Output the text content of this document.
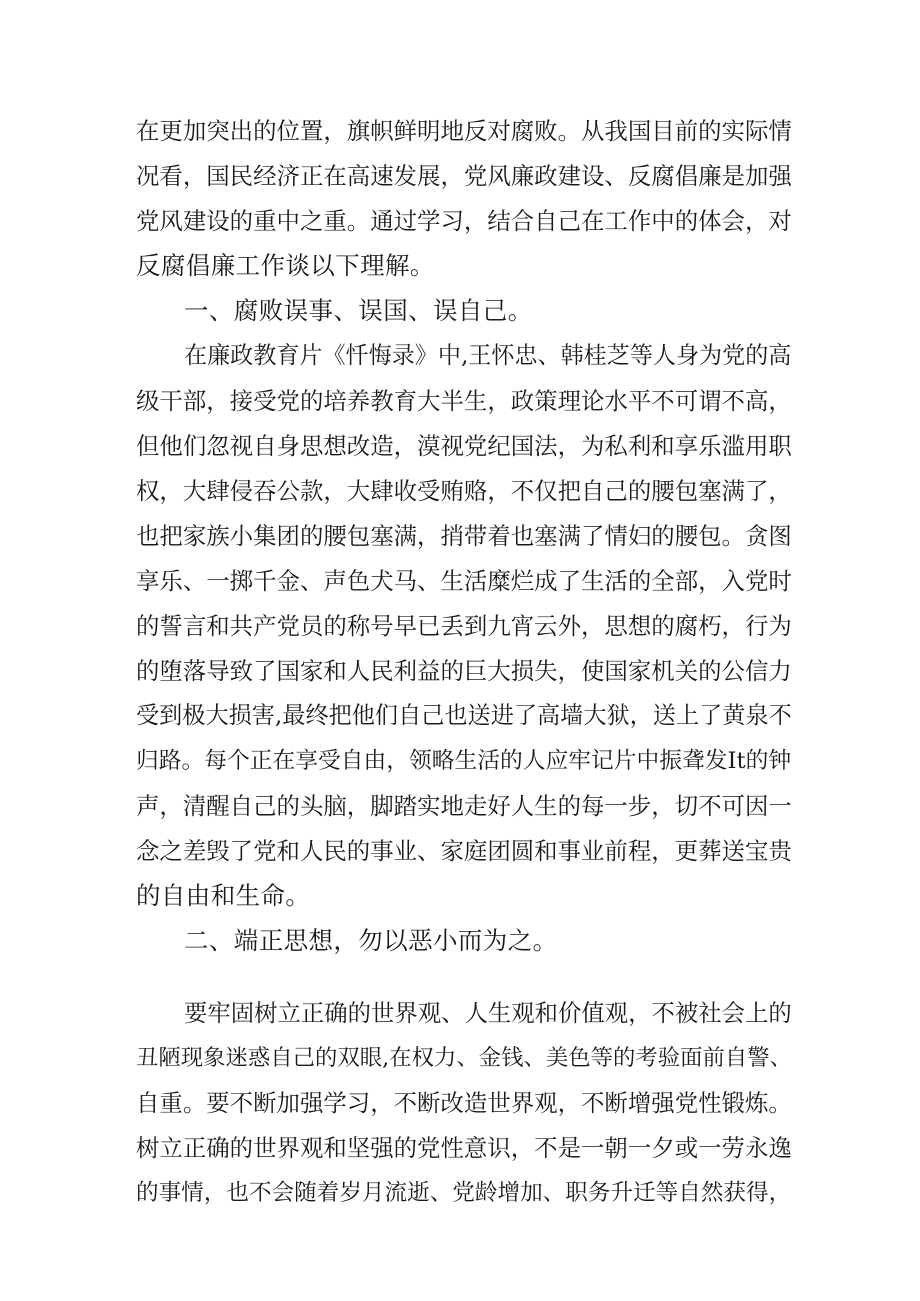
在更加突出的位置，旗帜鲜明地反对腐败。从我国目前的实际情
况看，国民经济正在高速发展，党风廉政建设、反腐倡廉是加强
党风建设的重中之重。通过学习，结合自己在工作中的体会，对
反腐倡廉工作谈以下理解。
一、腐败误事、误国、误自己。
在廉政教育片《忏悔录》中,王怀忠、韩桂芝等人身为党的高
级干部，接受党的培养教育大半生，政策理论水平不可谓不高，
但他们忽视自身思想改造，漠视党纪国法，为私利和享乐滥用职
权，大肆侵吞公款，大肆收受贿赂，不仅把自己的腰包塞满了，
也把家族小集团的腰包塞满，捎带着也塞满了情妇的腰包。贪图
享乐、一掷千金、声色犬马、生活糜烂成了生活的全部，入党时
的誓言和共产党员的称号早已丢到九宵云外，思想的腐朽，行为
的堕落导致了国家和人民利益的巨大损失，使国家机关的公信力
受到极大损害,最终把他们自己也送进了高墙大狱，送上了黄泉不
归路。每个正在享受自由，领略生活的人应牢记片中振聋发It的钟
声，清醒自己的头脑，脚踏实地走好人生的每一步，切不可因一
念之差毁了党和人民的事业、家庭团圆和事业前程，更葬送宝贵
的自由和生命。
二、端正思想，勿以恶小而为之。
要牢固树立正确的世界观、人生观和价值观，不被社会上的
丑陋现象迷惑自己的双眼,在权力、金钱、美色等的考验面前自警、
自重。要不断加强学习，不断改造世界观，不断增强党性锻炼。
树立正确的世界观和坚强的党性意识，不是一朝一夕或一劳永逸
的事情，也不会随着岁月流逝、党龄增加、职务升迁等自然获得，
